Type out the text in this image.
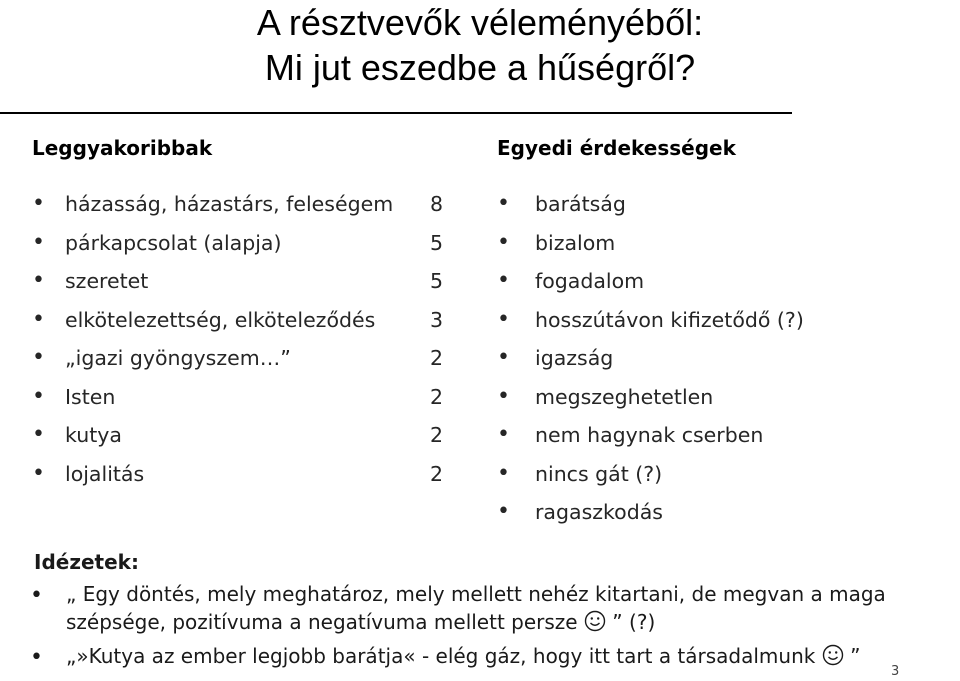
A résztvevők véleményéből:
Mi jut eszedbe a hűségről?
Leggyakoribbak	Egyedi érdekességek
• házasság, házastárs, feleségem 8
• párkapcsolat (alapja)	5
• szeretet	5
• elkötelezettség, elköteleződés	3
• „igazi gyöngyszem…”	2
• Isten	2
• kutya	2
• lojalitás	2
• barátság
• bizalom
• fogadalom
• hosszútávon kifizetődő (?)
• igazság
• megszeghetetlen
• nem hagynak cserben
• nincs gát (?)
• ragaszkodás
Idézetek:
• „ Egy döntés, mely meghatároz, mely mellett nehéz kitartani, de megvan a maga
szépsége, pozitívuma a negatívuma mellett persze  ” (?)
• „»Kutya az ember legjobb barátja« - elég gáz, hogy itt tart a társadalmunk  ”
3
